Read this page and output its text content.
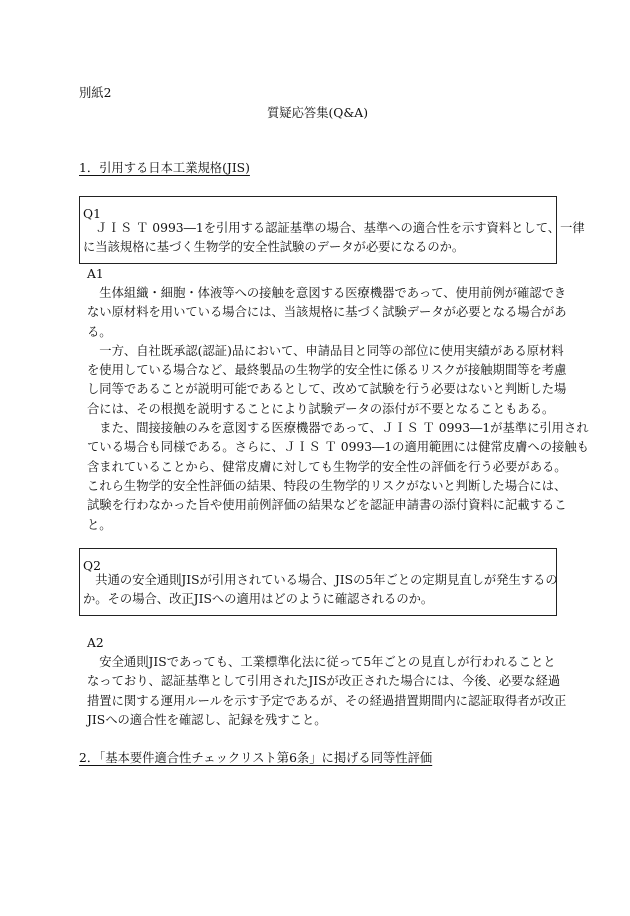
別紙2
質疑応答集(Q&A)
1．引用する日本工業規格(JIS)
Q1
　ＪＩＳ Ｔ 0993―1を引用する認証基準の場合、基準への適合性を示す資料として、一律
に当該規格に基づく生物学的安全性試験のデータが必要になるのか。
A1
　生体組織・細胞・体液等への接触を意図する医療機器であって、使用前例が確認でき
ない原材料を用いている場合には、当該規格に基づく試験データが必要となる場合があ
る。
　一方、自社既承認(認証)品において、申請品目と同等の部位に使用実績がある原材料
を使用している場合など、最終製品の生物学的安全性に係るリスクが接触期間等を考慮
し同等であることが説明可能であるとして、改めて試験を行う必要はないと判断した場
合には、その根拠を説明することにより試験データの添付が不要となることもある。
　また、間接接触のみを意図する医療機器であって、ＪＩＳ Ｔ 0993―1が基準に引用され
ている場合も同様である。さらに、ＪＩＳ Ｔ 0993―1の適用範囲には健常皮膚への接触も
含まれていることから、健常皮膚に対しても生物学的安全性の評価を行う必要がある。
これら生物学的安全性評価の結果、特段の生物学的リスクがないと判断した場合には、
試験を行わなかった旨や使用前例評価の結果などを認証申請書の添付資料に記載するこ
と。
Q2
　共通の安全通則JISが引用されている場合、JISの5年ごとの定期見直しが発生するの
か。その場合、改正JISへの適用はどのように確認されるのか。
A2
　安全通則JISであっても、工業標準化法に従って5年ごとの見直しが行われることと
なっており、認証基準として引用されたJISが改正された場合には、今後、必要な経過
措置に関する運用ルールを示す予定であるが、その経過措置期間内に認証取得者が改正
JISへの適合性を確認し、記録を残すこと。
2．「基本要件適合性チェックリスト第6条」に掲げる同等性評価
